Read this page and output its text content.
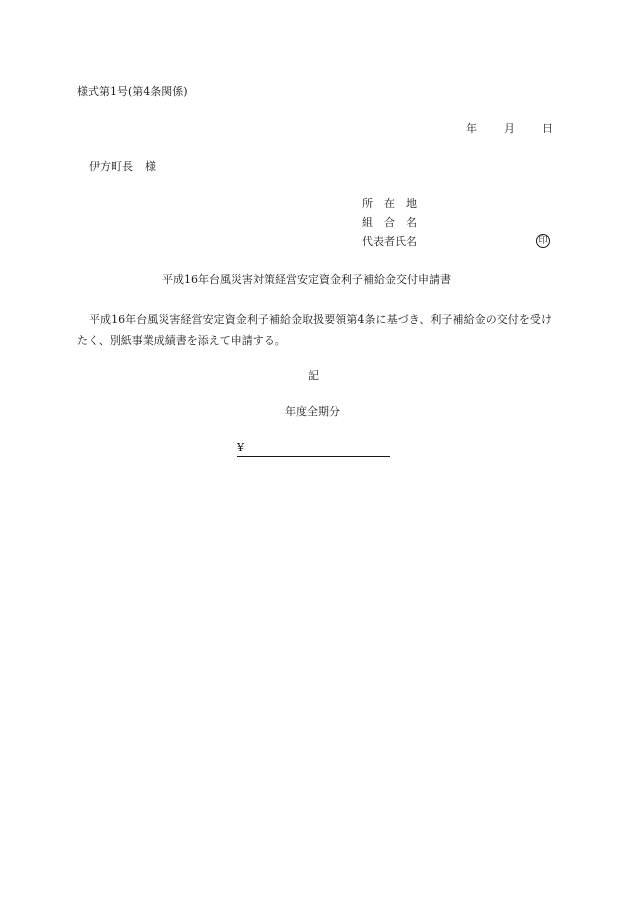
様式第1号(第4条関係)
年 月 日
伊方町長 様
所 在 地
組 合 名
代表者氏名	印
平成16年台風災害対策経営安定資金利子補給金交付申請書
平成16年台風災害経営安定資金利子補給金取扱要領第4条に基づき、利子補給金の交付を受けたく、別紙事業成績書を添えて申請する。
記
年度全期分
¥
